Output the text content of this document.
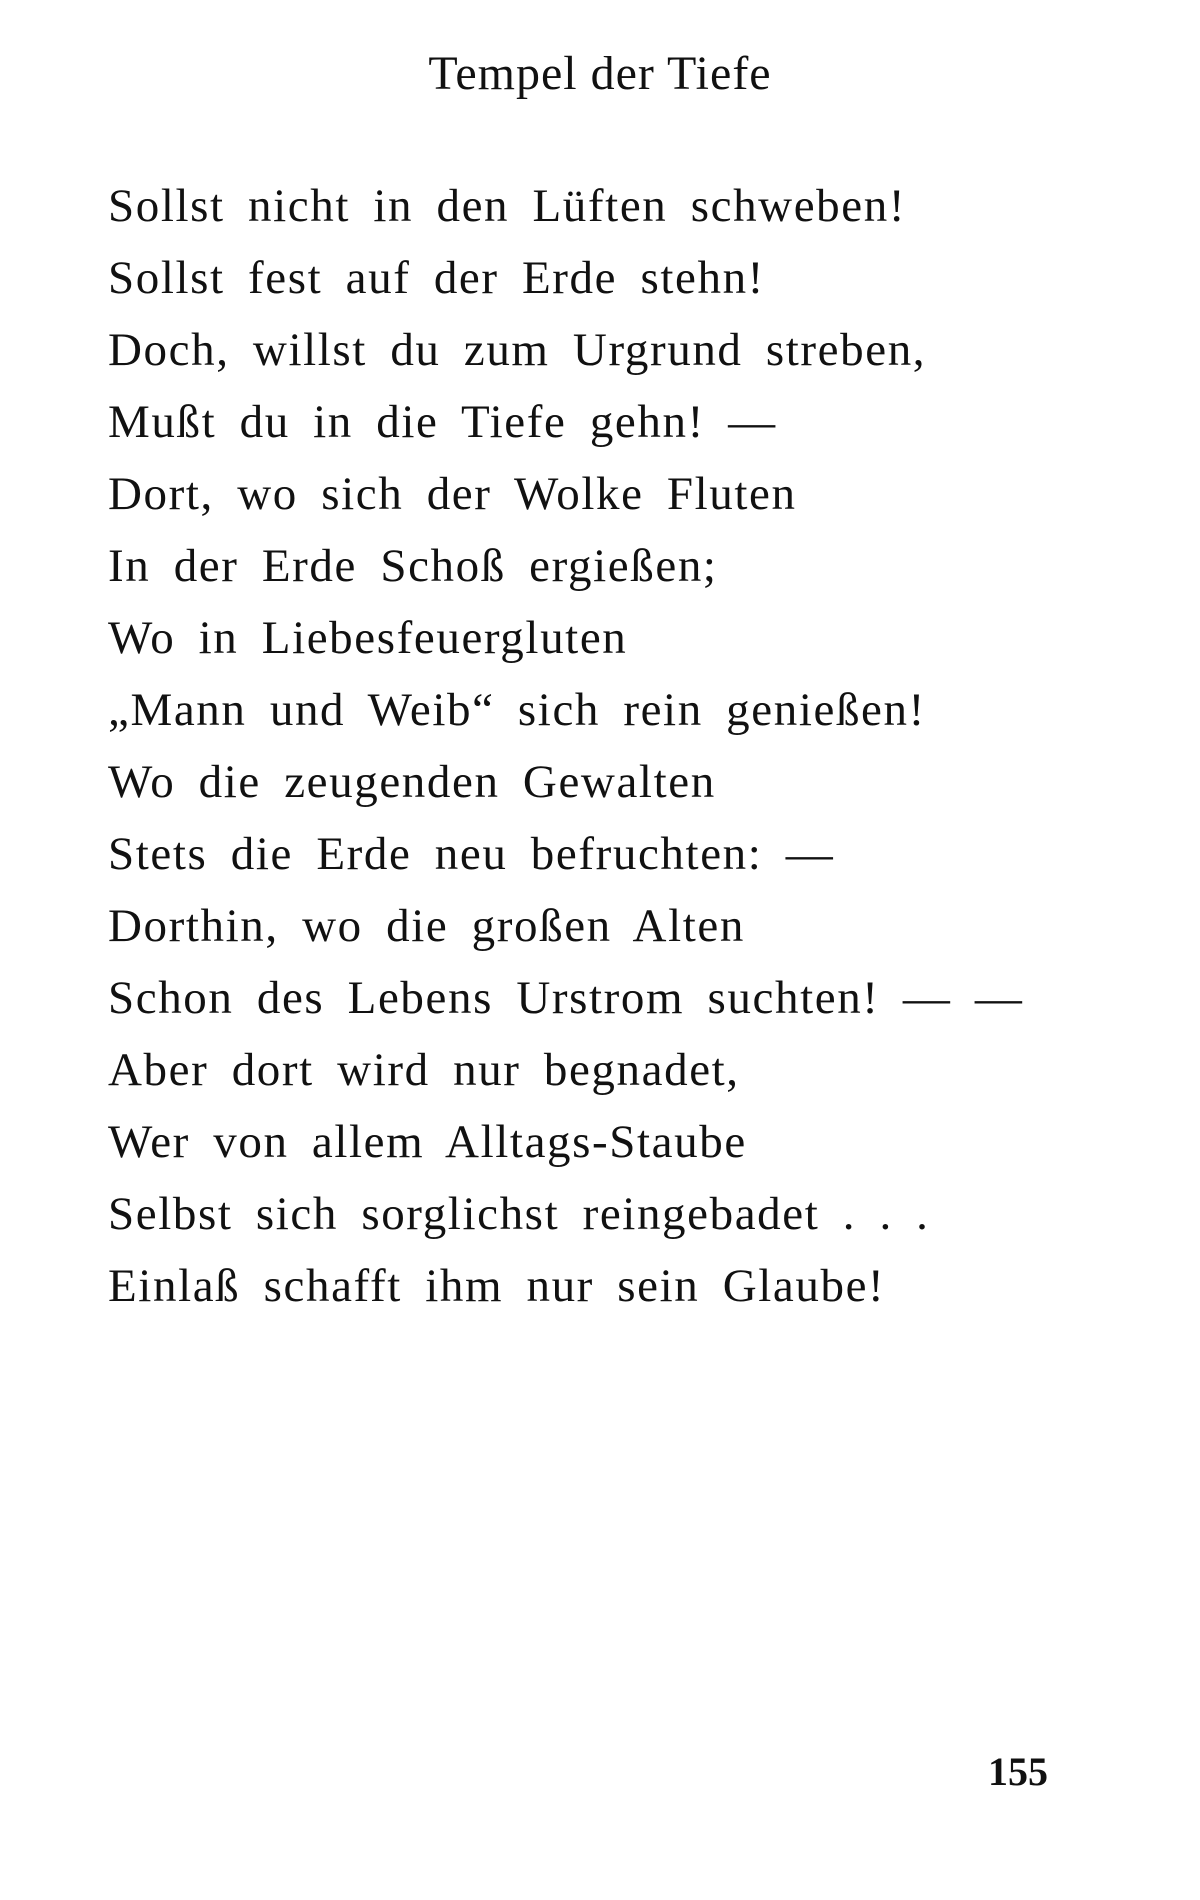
Tempel der Tiefe
Sollst nicht in den Lüften schweben!
Sollst fest auf der Erde stehn!
Doch, willst du zum Urgrund streben,
Mußt du in die Tiefe gehn! —
Dort, wo sich der Wolke Fluten
In der Erde Schoß ergießen;
Wo in Liebesfeuergluten
„Mann und Weib“ sich rein genießen!
Wo die zeugenden Gewalten
Stets die Erde neu befruchten: —
Dorthin, wo die großen Alten
Schon des Lebens Urstrom suchten! — —
Aber dort wird nur begnadet,
Wer von allem Alltags-Staube
Selbst sich sorglichst reingebadet . . .
Einlaß schafft ihm nur sein Glaube!
155
